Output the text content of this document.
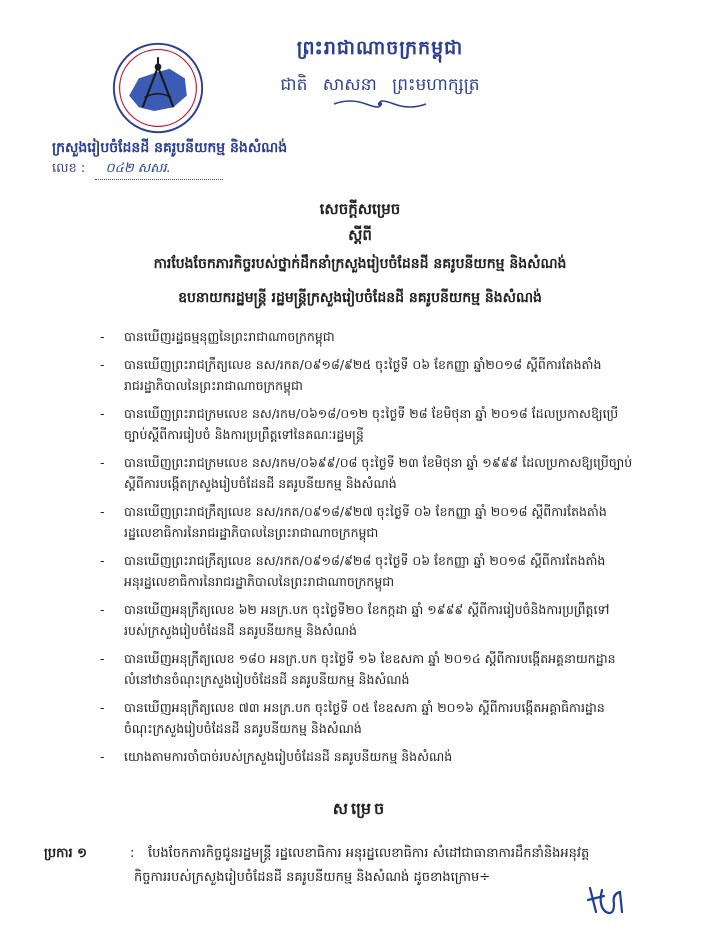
ព្រះរាជាណាចក្រកម្ពុជា
ជាតិ សាសនា ព្រះមហាក្សត្រ
ក្រសួងរៀបចំដែនដី នគរូបនីយកម្ម និងសំណង់
លេខ : ០៤២ សសរ.
សេចក្តីសម្រេច
ស្តីពី
ការបែងចែកភារកិច្ចរបស់ថ្នាក់ដឹកនាំក្រសួងរៀបចំដែនដី នគរូបនីយកម្ម និងសំណង់
ឧបនាយករដ្ឋមន្ត្រី រដ្ឋមន្ត្រីក្រសួងរៀបចំដែនដី នគរូបនីយកម្ម និងសំណង់
- បានឃើញរដ្ឋធម្មនុញ្ញនៃព្រះរាជាណាចក្រកម្ពុជា
- បានឃើញព្រះរាជក្រឹត្យលេខ នស/រកត/០៩១៨/៩២៥ ចុះថ្ងៃទី ០៦ ខែកញ្ញា ឆ្នាំ២០១៨ ស្តីពីការតែងតាំង
រាជរដ្ឋាភិបាលនៃព្រះរាជាណាចក្រកម្ពុជា
- បានឃើញព្រះរាជក្រមលេខ នស/រកម/០៦១៨/០១២ ចុះថ្ងៃទី ២៨ ខែមិថុនា ឆ្នាំ ២០១៨ ដែលប្រកាសឱ្យប្រើ
ច្បាប់ស្តីពីការរៀបចំ និងការប្រព្រឹត្តទៅនៃគណៈរដ្ឋមន្ត្រី
- បានឃើញព្រះរាជក្រមលេខ នស/រកម/០៦៩៩/០៨ ចុះថ្ងៃទី ២៣ ខែមិថុនា ឆ្នាំ ១៩៩៩ ដែលប្រកាសឱ្យប្រើច្បាប់
ស្តីពីការបង្កើតក្រសួងរៀបចំដែនដី នគរូបនីយកម្ម និងសំណង់
- បានឃើញព្រះរាជក្រឹត្យលេខ នស/រកត/០៩១៨/៩២៧ ចុះថ្ងៃទី ០៦ ខែកញ្ញា ឆ្នាំ ២០១៨ ស្តីពីការតែងតាំង
រដ្ឋលេខាធិការនៃរាជរដ្ឋាភិបាលនៃព្រះរាជាណាចក្រកម្ពុជា
- បានឃើញព្រះរាជក្រឹត្យលេខ នស/រកត/០៩១៨/៩២៨ ចុះថ្ងៃទី ០៦ ខែកញ្ញា ឆ្នាំ ២០១៨ ស្តីពីការតែងតាំង
អនុរដ្ឋលេខាធិការនៃរាជរដ្ឋាភិបាលនៃព្រះរាជាណាចក្រកម្ពុជា
- បានឃើញអនុក្រឹត្យលេខ ៦២ អនក្រ.បក ចុះថ្ងៃទី២០ ខែកក្កដា ឆ្នាំ ១៩៩៩ ស្តីពីការរៀបចំនិងការប្រព្រឹត្តទៅ
របស់ក្រសួងរៀបចំដែនដី នគរូបនីយកម្ម និងសំណង់
- បានឃើញអនុក្រឹត្យលេខ ១៨០ អនក្រ.បក ចុះថ្ងៃទី ១៦ ខែឧសភា ឆ្នាំ ២០១៤ ស្តីពីការបង្កើតអគ្គនាយកដ្ឋាន
លំនៅឋានចំណុះក្រសួងរៀបចំដែនដី នគរូបនីយកម្ម និងសំណង់
- បានឃើញអនុក្រឹត្យលេខ ៧៣ អនក្រ.បក ចុះថ្ងៃទី ០៥ ខែឧសភា ឆ្នាំ ២០១៦ ស្តីពីការបង្កើតអគ្គាធិការដ្ឋាន
ចំណុះក្រសួងរៀបចំដែនដី នគរូបនីយកម្ម និងសំណង់
- យោងតាមការចាំបាច់របស់ក្រសួងរៀបចំដែនដី នគរូបនីយកម្ម និងសំណង់
សម្រេច
ប្រការ ១	: បែងចែកភារកិច្ចជូនរដ្ឋមន្ត្រី រដ្ឋលេខាធិការ អនុរដ្ឋលេខាធិការ សំដៅជាធានាការដឹកនាំនិងអនុវត្ត
កិច្ចការរបស់ក្រសួងរៀបចំដែនដី នគរូបនីយកម្ម និងសំណង់ ដូចខាងក្រោម÷
